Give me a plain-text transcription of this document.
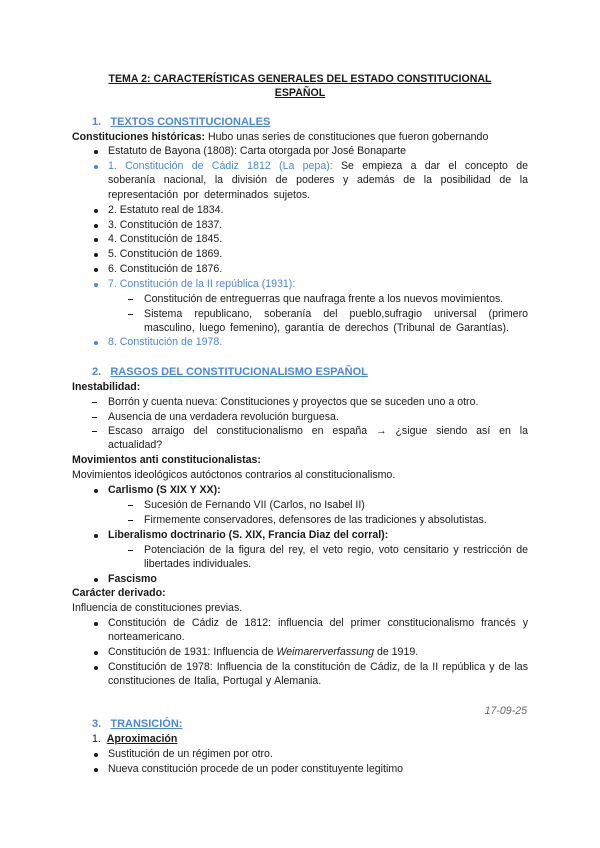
TEMA 2: CARACTERÍSTICAS GENERALES DEL ESTADO CONSTITUCIONAL
ESPAÑOL
1. TEXTOS CONSTITUCIONALES
Constituciones históricas: Hubo unas series de constituciones que fueron gobernando
Estatuto de Bayona (1808): Carta otorgada por José Bonaparte
1. Constitución de Cádiz 1812 (La pepa): Se empieza a dar el concepto de soberanía nacional, la división de poderes y además de la posibilidad de la representación por determinados sujetos.
2. Estatuto real de 1834.
3. Constitución de 1837.
4. Constitución de 1845.
5. Constitución de 1869.
6. Constitución de 1876.
7. Constitución de la II república (1931):
Constitución de entreguerras que naufraga frente a los nuevos movimientos.
Sistema republicano, soberanía del pueblo,sufragio universal (primero masculino, luego femenino), garantía de derechos (Tribunal de Garantías).
8. Constitución de 1978.
2. RASGOS DEL CONSTITUCIONALISMO ESPAÑOL
Inestabilidad:
Borrón y cuenta nueva: Constituciones y proyectos que se suceden uno a otro.
Ausencia de una verdadera revolución burguesa.
Escaso arraigo del constitucionalismo en españa → ¿sigue siendo así en la actualidad?
Movimientos anti constitucionalistas:
Movimientos ideológicos autóctonos contrarios al constitucionalismo.
Carlismo (S XIX Y XX):
Sucesión de Fernando VII (Carlos, no Isabel II)
Firmemente conservadores, defensores de las tradiciones y absolutistas.
Liberalismo doctrinario (S. XIX, Francia Diaz del corral):
Potenciación de la figura del rey, el veto regio, voto censitario y restricción de libertades individuales.
Fascismo
Carácter derivado:
Influencia de constituciones previas.
Constitución de Cádiz de 1812: influencia del primer constitucionalismo francés y norteamericano.
Constitución de 1931: Influencia de Weimarerverfassung de 1919.
Constitución de 1978: Influencia de la constitución de Cádiz, de la II república y de las constituciones de Italia, Portugal y Alemania.
17-09-25
3. TRANSICIÓN:
1. Aproximación
Sustitución de un régimen por otro.
Nueva constitución procede de un poder constituyente legitimo
